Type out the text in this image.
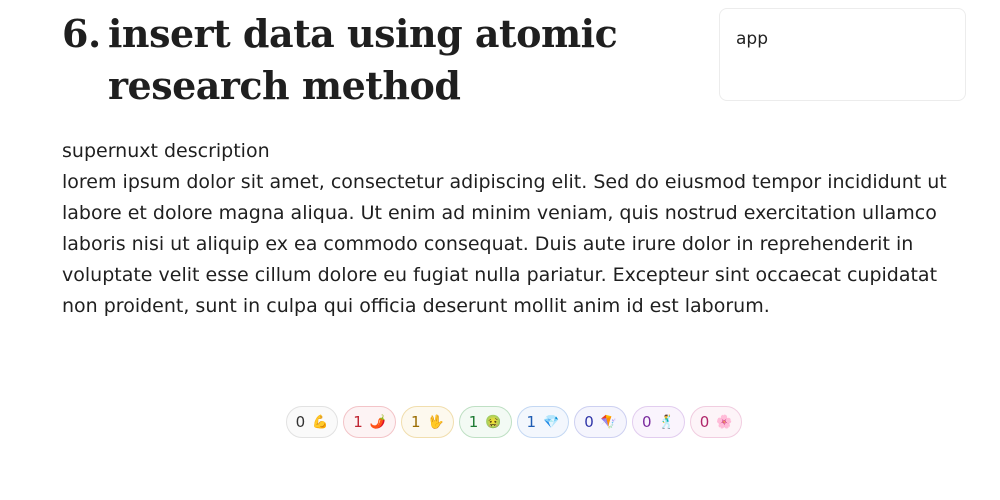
6. insert data using atomic research method
app

supernuxt description

lorem ipsum dolor sit amet, consectetur adipiscing elit. Sed do eiusmod tempor incididunt ut labore et dolore magna aliqua. Ut enim ad minim veniam, quis nostrud exercitation ullamco laboris nisi ut aliquip ex ea commodo consequat. Duis aute irure dolor in reprehenderit in voluptate velit esse cillum dolore eu fugiat nulla pariatur. Excepteur sint occaecat cupidatat non proident, sunt in culpa qui officia deserunt mollit anim id est laborum.

0 💪 1 🌶️ 1 🖖 1 🤢 1 💎 0 🪁 0 🕺 0 🌸
